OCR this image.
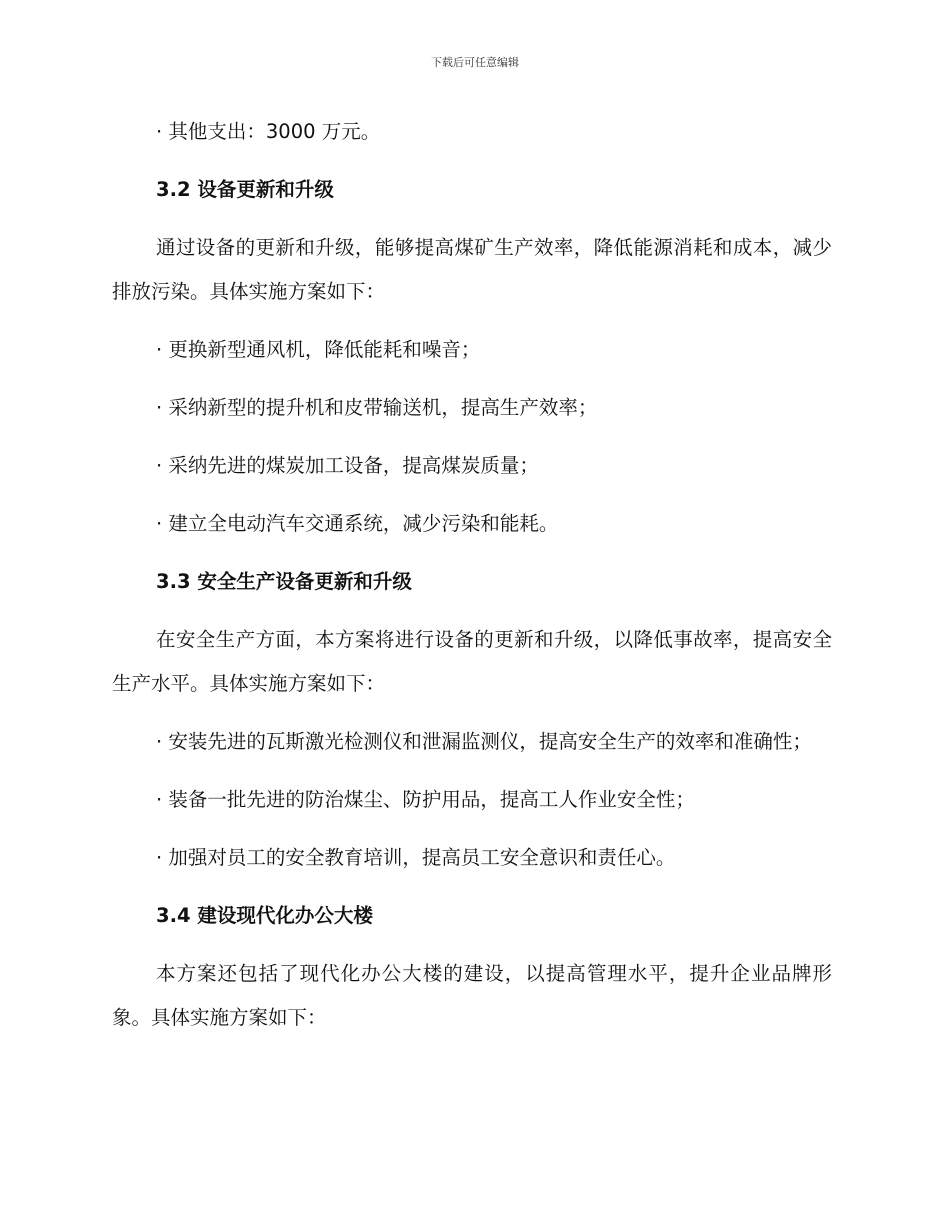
下载后可任意编辑
· 其他支出：3000 万元。
3.2 设备更新和升级
通过设备的更新和升级，能够提高煤矿生产效率，降低能源消耗和成本，减少排放污染。具体实施方案如下：
· 更换新型通风机，降低能耗和噪音；
· 采纳新型的提升机和皮带输送机，提高生产效率；
· 采纳先进的煤炭加工设备，提高煤炭质量；
· 建立全电动汽车交通系统，减少污染和能耗。
3.3 安全生产设备更新和升级
在安全生产方面，本方案将进行设备的更新和升级，以降低事故率，提高安全生产水平。具体实施方案如下：
· 安装先进的瓦斯激光检测仪和泄漏监测仪，提高安全生产的效率和准确性；
· 装备一批先进的防治煤尘、防护用品，提高工人作业安全性；
· 加强对员工的安全教育培训，提高员工安全意识和责任心。
3.4 建设现代化办公大楼
本方案还包括了现代化办公大楼的建设，以提高管理水平，提升企业品牌形象。具体实施方案如下：
